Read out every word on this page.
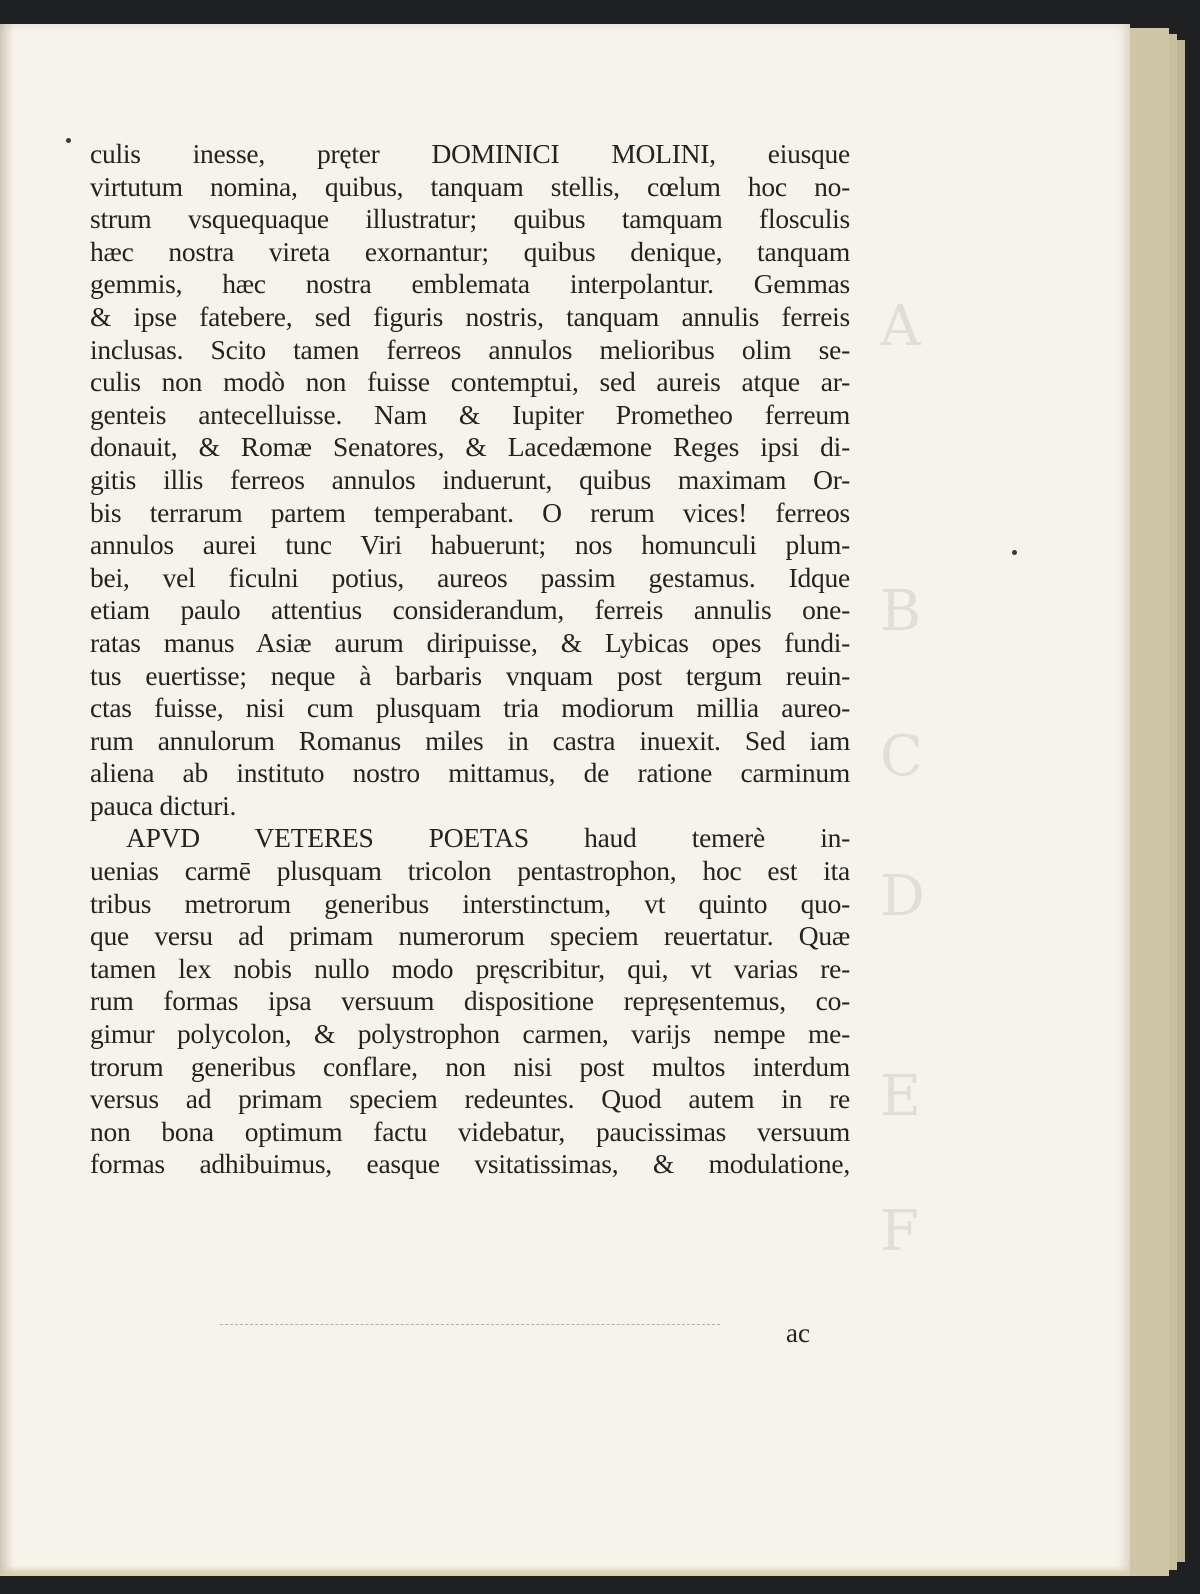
A
B
C
D
E
F
culis inesse, pręter DOMINICI MOLINI, eiusque
virtutum nomina, quibus, tanquam stellis, cœlum hoc no-
strum vsquequaque illustratur; quibus tamquam flosculis
hæc nostra vireta exornantur; quibus denique, tanquam
gemmis, hæc nostra emblemata interpolantur. Gemmas
& ipse fatebere, sed figuris nostris, tanquam annulis ferreis
inclusas. Scito tamen ferreos annulos melioribus olim se-
culis non modò non fuisse contemptui, sed aureis atque ar-
genteis antecelluisse. Nam & Iupiter Prometheo ferreum
donauit, & Romæ Senatores, & Lacedæmone Reges ipsi di-
gitis illis ferreos annulos induerunt, quibus maximam Or-
bis terrarum partem temperabant. O rerum vices! ferreos
annulos aurei tunc Viri habuerunt; nos homunculi plum-
bei, vel ficulni potius, aureos passim gestamus. Idque
etiam paulo attentius considerandum, ferreis annulis one-
ratas manus Asiæ aurum diripuisse, & Lybicas opes fundi-
tus euertisse; neque à barbaris vnquam post tergum reuin-
ctas fuisse, nisi cum plusquam tria modiorum millia aureo-
rum annulorum Romanus miles in castra inuexit. Sed iam
aliena ab instituto nostro mittamus, de ratione carminum
pauca dicturi.
APVD VETERES POETAS haud temerè in-
uenias carmē plusquam tricolon pentastrophon, hoc est ita
tribus metrorum generibus interstinctum, vt quinto quo-
que versu ad primam numerorum speciem reuertatur. Quæ
tamen lex nobis nullo modo pręscribitur, qui, vt varias re-
rum formas ipsa versuum dispositione repręsentemus, co-
gimur polycolon, & polystrophon carmen, varijs nempe me-
trorum generibus conflare, non nisi post multos interdum
versus ad primam speciem redeuntes. Quod autem in re
non bona optimum factu videbatur, paucissimas versuum
formas adhibuimus, easque vsitatissimas, & modulatione,
ac
